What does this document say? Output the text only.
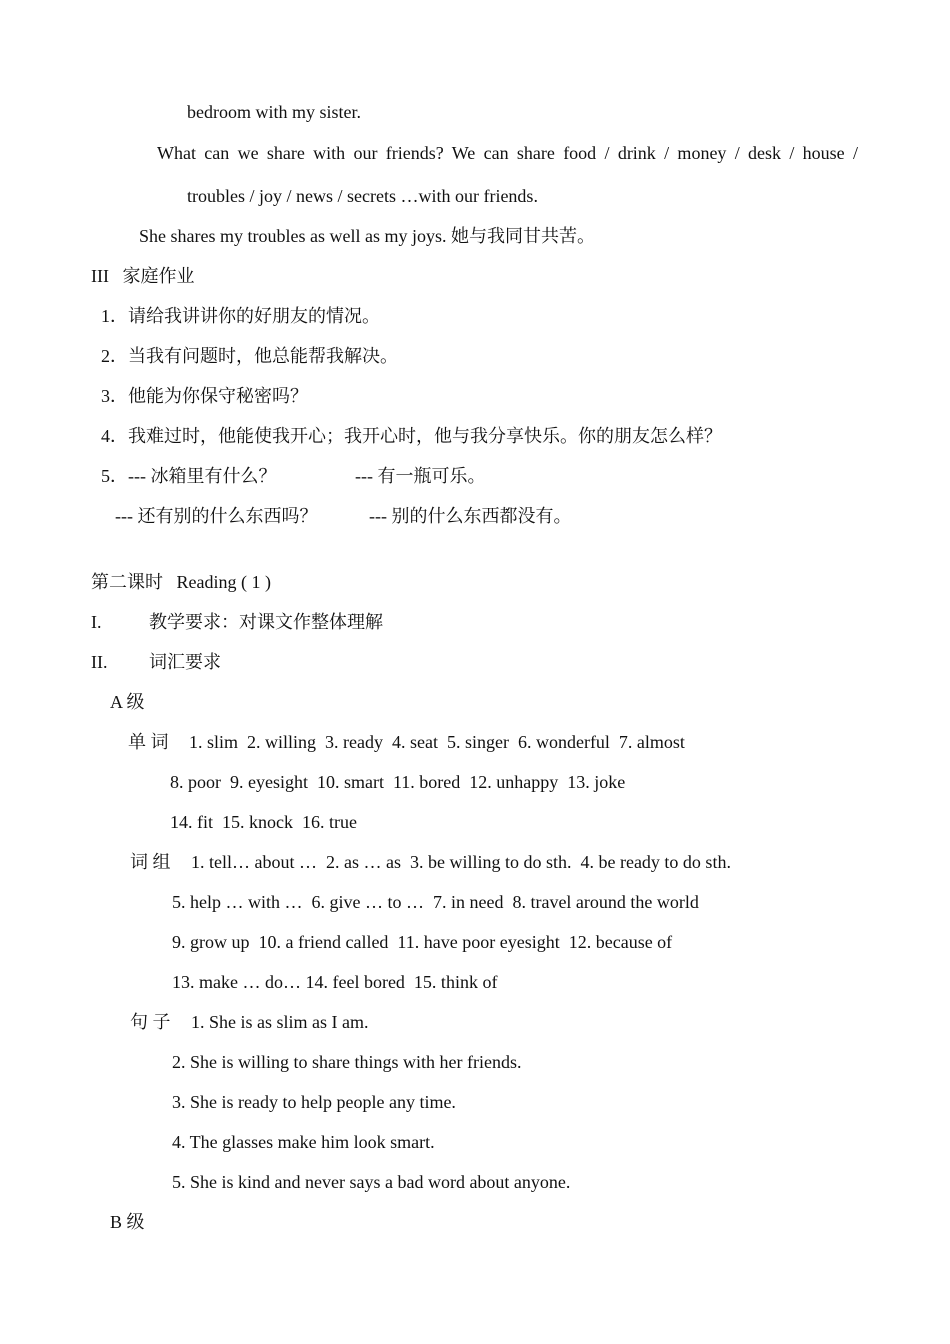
bedroom with my sister.
What can we share with our friends? We can share food / drink / money / desk / house /
troubles / joy / news / secrets …with our friends.
She shares my troubles as well as my joys. 她与我同甘共苦。
III   家庭作业
1．请给我讲讲你的好朋友的情况。
2．当我有问题时，他总能帮我解决。
3．他能为你保守秘密吗？
4．我难过时，他能使我开心；我开心时，他与我分享快乐。你的朋友怎么样？
5．--- 冰箱里有什么？	--- 有一瓶可乐。
--- 还有别的什么东西吗？	--- 别的什么东西都没有。
第二课时   Reading ( 1 )
I.	教学要求：对课文作整体理解
II. 词汇要求
A 级
单 词 1. slim  2. willing  3. ready  4. seat  5. singer  6. wonderful  7. almost
8. poor  9. eyesight  10. smart  11. bored  12. unhappy  13. joke
14. fit  15. knock  16. true
词 组 1. tell… about …  2. as … as  3. be willing to do sth.  4. be ready to do sth.
5. help … with …  6. give … to …  7. in need  8. travel around the world
9. grow up  10. a friend called  11. have poor eyesight  12. because of
13. make … do… 14. feel bored  15. think of
句 子 1. She is as slim as I am.
2. She is willing to share things with her friends.
3. She is ready to help people any time.
4. The glasses make him look smart.
5. She is kind and never says a bad word about anyone.
B 级
